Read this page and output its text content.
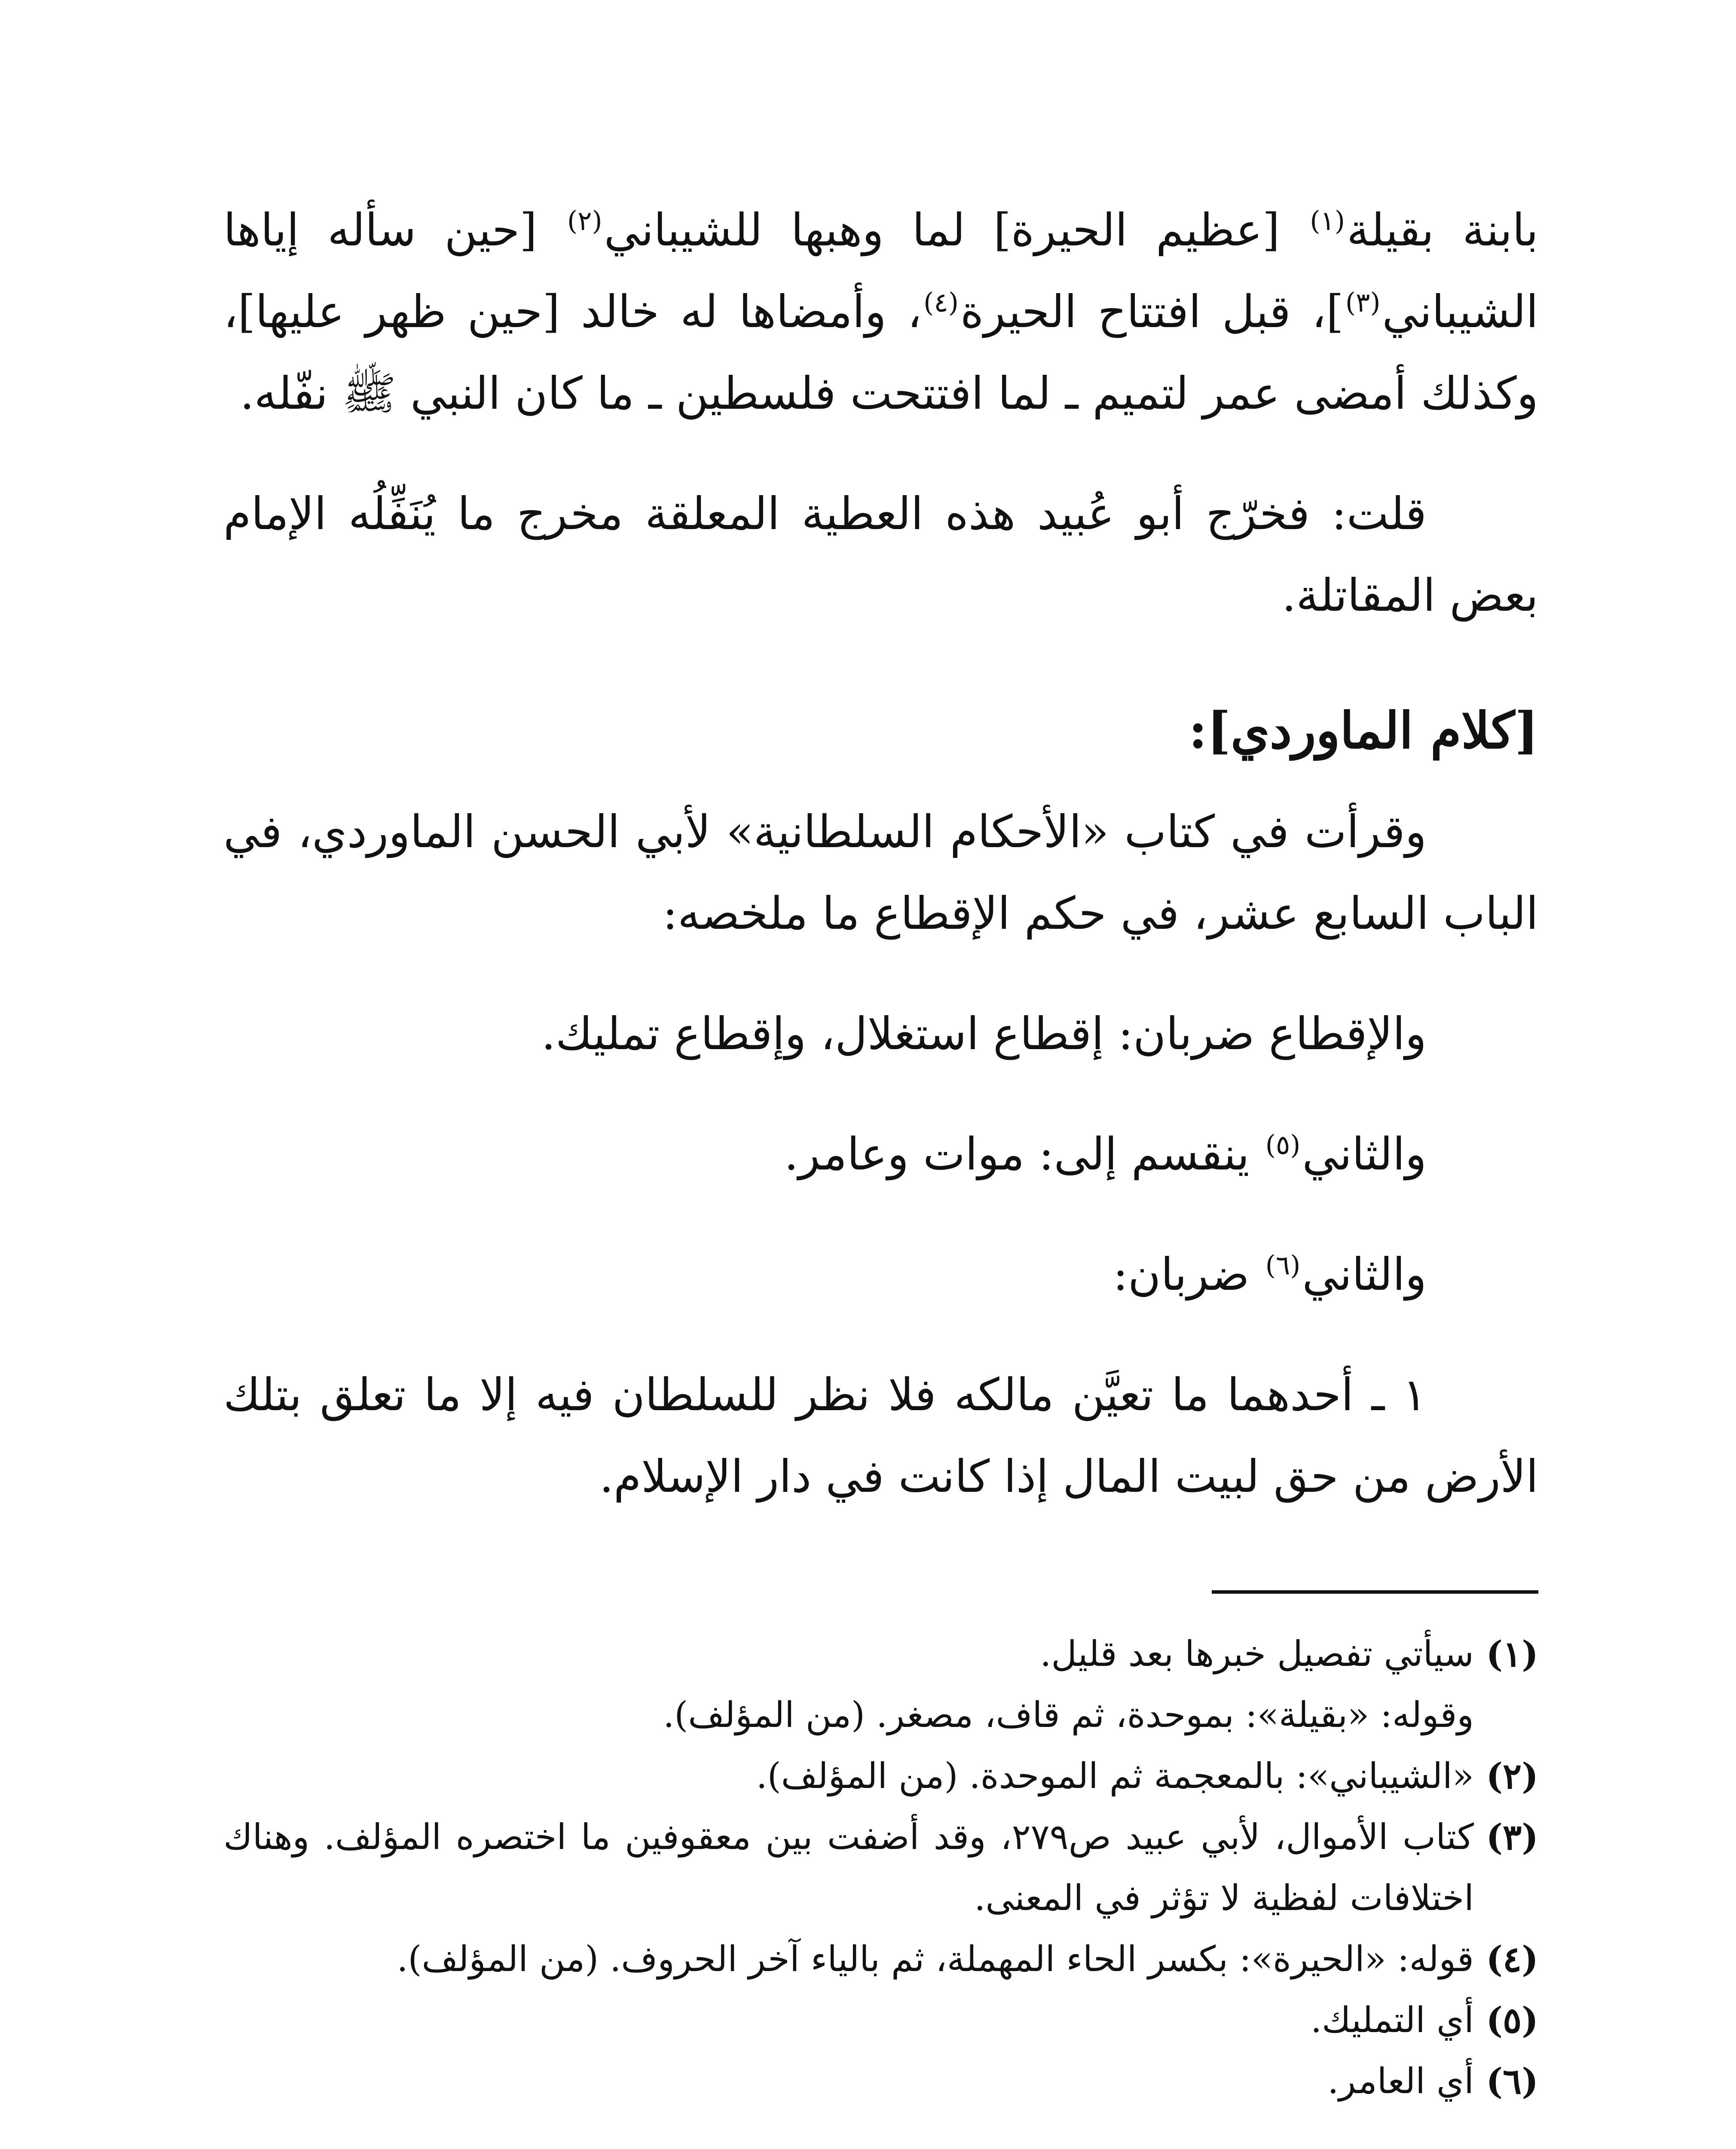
بابنة بقيلة$^{(١)}$ [عظيم الحيرة] لما وهبها للشيباني$^{(٢)}$ [حين سأله إياها الشيباني$^{(٣)}$]، قبل افتتاح الحيرة$^{(٤)}$، وأمضاها له خالد [حين ظهر عليها]، وكذلك أمضى عمر لتميم ـ لما افتتحت فلسطين ـ ما كان النبي ﷺ نفّله.

قلت: فخرّج أبو عُبيد هذه العطية المعلقة مخرج ما يُنَفِّلُه الإمام بعض المقاتلة.

[كلام الماوردي]:

وقرأت في كتاب «الأحكام السلطانية» لأبي الحسن الماوردي، في الباب السابع عشر، في حكم الإقطاع ما ملخصه:

والإقطاع ضربان: إقطاع استغلال، وإقطاع تمليك.

والثاني$^{(٥)}$ ينقسم إلى: موات وعامر.

والثاني$^{(٦)}$ ضربان:

١ ـ أحدهما ما تعيَّن مالكه فلا نظر للسلطان فيه إلا ما تعلق بتلك الأرض من حق لبيت المال إذا كانت في دار الإسلام.

(١)
سيأتي تفصيل خبرها بعد قليل.
وقوله: «بقيلة»: بموحدة، ثم قاف، مصغر. (من المؤلف).
(٢)
«الشيباني»: بالمعجمة ثم الموحدة. (من المؤلف).
(٣)
كتاب الأموال، لأبي عبيد ص٢٧٩، وقد أضفت بين معقوفين ما اختصره المؤلف. وهناك اختلافات لفظية لا تؤثر في المعنى.
(٤)
قوله: «الحيرة»: بكسر الحاء المهملة، ثم بالياء آخر الحروف. (من المؤلف).
(٥)
أي التمليك.
(٦)
أي العامر.
